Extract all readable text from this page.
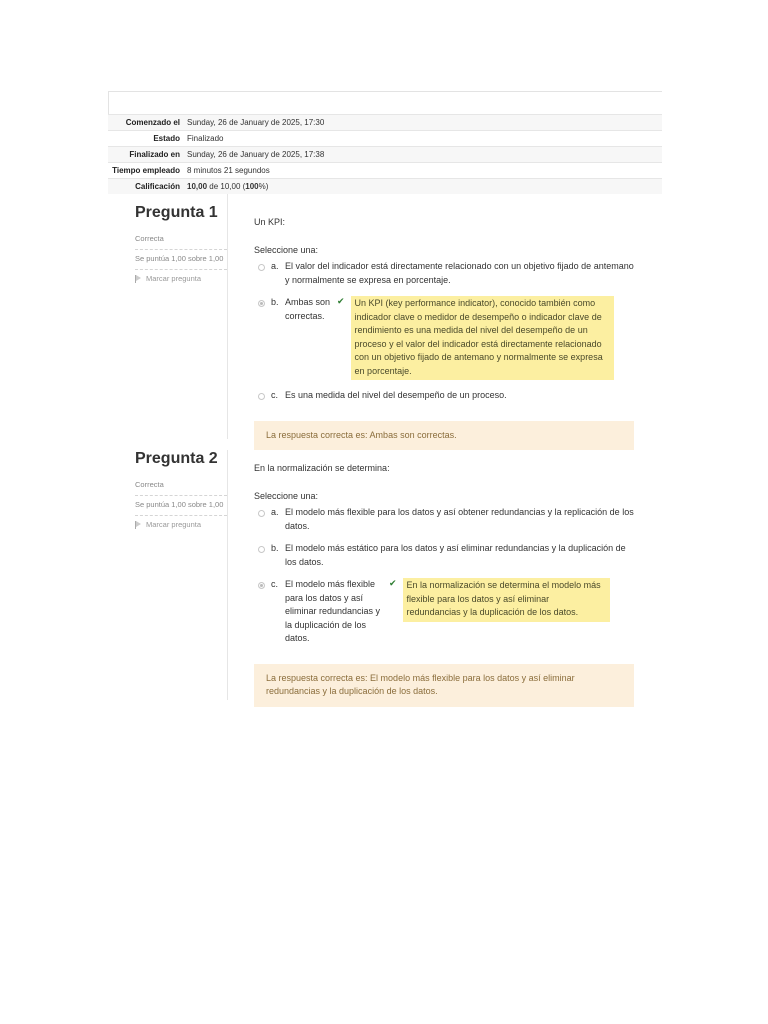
Comenzado el	Sunday, 26 de January de 2025, 17:30
Estado	Finalizado
Finalizado en	Sunday, 26 de January de 2025, 17:38
Tiempo empleado	8 minutos 21 segundos
Calificación	10,00 de 10,00 (100%)
Pregunta 1
Correcta
Se puntúa 1,00 sobre 1,00
Marcar pregunta
Un KPI:
Seleccione una:
a. El valor del indicador está directamente relacionado con un objetivo fijado de antemano y normalmente se expresa en porcentaje.
b. Ambas son correctas.
✔	Un KPI (key performance indicator), conocido también como indicador clave o medidor de desempeño o indicador clave de rendimiento es una medida del nivel del desempeño de un proceso y el valor del indicador está directamente relacionado con un objetivo fijado de antemano y normalmente se expresa en porcentaje.
c. Es una medida del nivel del desempeño de un proceso.
La respuesta correcta es: Ambas son correctas.
Pregunta 2
Correcta
Se puntúa 1,00 sobre 1,00
Marcar pregunta
En la normalización se determina:
Seleccione una:
a. El modelo más flexible para los datos y así obtener redundancias y la replicación de los datos.
b. El modelo más estático para los datos y así eliminar redundancias y la duplicación de los datos.
c. El modelo más flexible para los datos y así eliminar redundancias y la duplicación de los datos.
✔	En la normalización se determina el modelo más flexible para los datos y así eliminar redundancias y la duplicación de los datos.
La respuesta correcta es: El modelo más flexible para los datos y así eliminar redundancias y la duplicación de los datos.
